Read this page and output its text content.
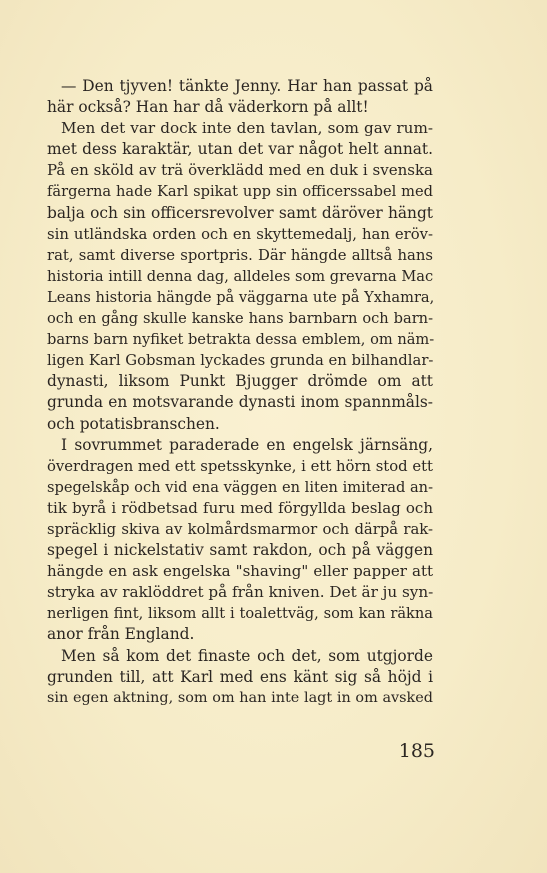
— Den tjyven! tänkte Jenny. Har han passat på
här också? Han har då väderkorn på allt!
Men det var dock inte den tavlan, som gav rum-
met dess karaktär, utan det var något helt annat.
På en sköld av trä överklädd med en duk i svenska
färgerna hade Karl spikat upp sin officerssabel med
balja och sin officersrevolver samt däröver hängt
sin utländska orden och en skyttemedalj, han eröv-
rat, samt diverse sportpris. Där hängde alltså hans
historia intill denna dag, alldeles som grevarna Mac
Leans historia hängde på väggarna ute på Yxhamra,
och en gång skulle kanske hans barnbarn och barn-
barns barn nyfiket betrakta dessa emblem, om näm-
ligen Karl Gobsman lyckades grunda en bilhandlar-
dynasti, liksom Punkt Bjugger drömde om att
grunda en motsvarande dynasti inom spannmåls-
och potatisbranschen.
I sovrummet paraderade en engelsk järnsäng,
överdragen med ett spetsskynke, i ett hörn stod ett
spegelskåp och vid ena väggen en liten imiterad an-
tik byrå i rödbetsad furu med förgyllda beslag och
spräcklig skiva av kolmårdsmarmor och därpå rak-
spegel i nickelstativ samt rakdon, och på väggen
hängde en ask engelska "shaving" eller papper att
stryka av raklöddret på från kniven. Det är ju syn-
nerligen fint, liksom allt i toalettväg, som kan räkna
anor från England.
Men så kom det finaste och det, som utgjorde
grunden till, att Karl med ens känt sig så höjd i
sin egen aktning, som om han inte lagt in om avsked
185
